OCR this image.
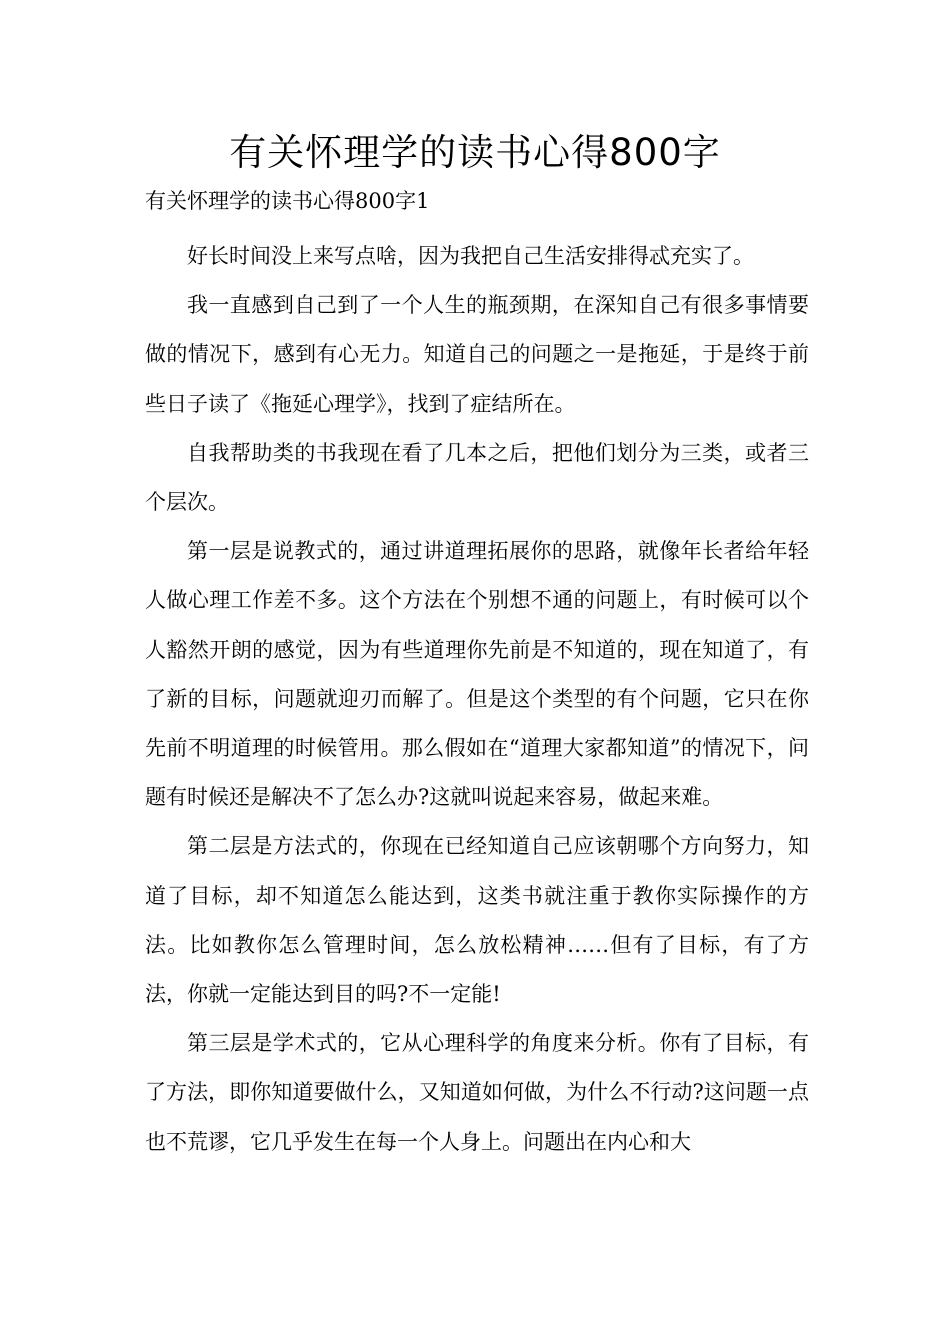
有关怀理学的读书心得800字
有关怀理学的读书心得800字1

好长时间没上来写点啥，因为我把自己生活安排得忒充实了。

我一直感到自己到了一个人生的瓶颈期，在深知自己有很多事情要做的情况下，感到有心无力。知道自己的问题之一是拖延，于是终于前些日子读了《拖延心理学》，找到了症结所在。

自我帮助类的书我现在看了几本之后，把他们划分为三类，或者三个层次。

第一层是说教式的，通过讲道理拓展你的思路，就像年长者给年轻人做心理工作差不多。这个方法在个别想不通的问题上，有时候可以个人豁然开朗的感觉，因为有些道理你先前是不知道的，现在知道了，有了新的目标，问题就迎刃而解了。但是这个类型的有个问题，它只在你先前不明道理的时候管用。那么假如在“道理大家都知道”的情况下，问题有时候还是解决不了怎么办?这就叫说起来容易，做起来难。

第二层是方法式的，你现在已经知道自己应该朝哪个方向努力，知道了目标，却不知道怎么能达到，这类书就注重于教你实际操作的方法。比如教你怎么管理时间，怎么放松精神……但有了目标，有了方法，你就一定能达到目的吗?不一定能!

第三层是学术式的，它从心理科学的角度来分析。你有了目标，有了方法，即你知道要做什么，又知道如何做，为什么不行动?这问题一点也不荒谬，它几乎发生在每一个人身上。问题出在内心和大
